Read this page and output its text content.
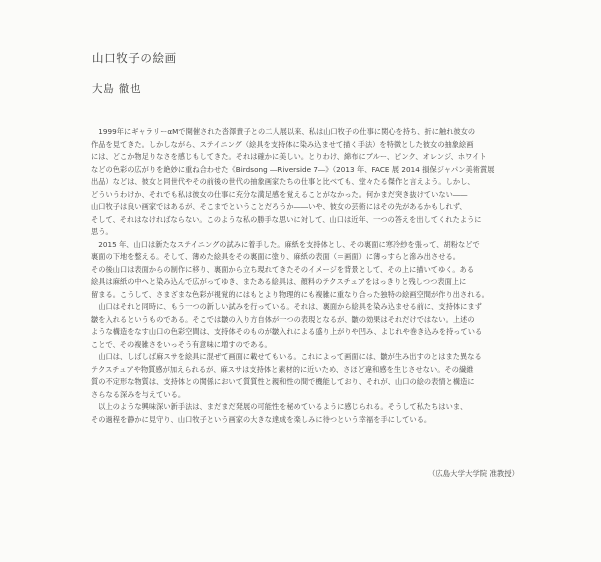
山口牧子の絵画
大島 徹也
　1999年にギャラリーαMで開催された沓澤貴子との二人展以来、私は山口牧子の仕事に関心を持ち、折に触れ彼女の
作品を見てきた。しかしながら、ステイニング（絵具を支持体に染み込ませて描く手法）を特徴とした彼女の抽象絵画
には、どこか物足りなさを感じもしてきた。それは確かに美しい。とりわけ、綿布にブルー、ピンク、オレンジ、ホワイト
などの色彩の広がりを絶妙に重ね合わせた《Birdsong ―Riverside 7―》（2013 年、FACE 展 2014 損保ジャパン美術賞展
出品）などは、彼女と同世代やその前後の世代の抽象画家たちの仕事と比べても、堂々たる傑作と言えよう。しかし、
どういうわけか、それでも私は彼女の仕事に充分な満足感を覚えることがなかった。何かまだ突き抜けていない――
山口牧子は良い画家ではあるが、そこまでということだろうか――いや、彼女の芸術にはその先があるかもしれず、
そして、それはなければならない。このような私の勝手な思いに対して、山口は近年、一つの答えを出してくれたように
思う。
　2015 年、山口は新たなステイニングの試みに着手した。麻紙を支持体とし、その裏面に寒冷紗を張って、胡粉などで
裏面の下地を整える。そして、薄めた絵具をその裏面に塗り、麻紙の表面（＝画面）に薄っすらと滲み出させる。
その後山口は表面からの制作に移り、裏面から立ち現れてきたそのイメージを背景として、その上に描いてゆく。ある
絵具は麻紙の中へと染み込んで広がってゆき、またある絵具は、顔料のテクスチュアをはっきりと残しつつ表面上に
留まる。こうして、さまざまな色彩が視覚的にはもとより物理的にも複雑に重なり合った独特の絵画空間が作り出される。
　山口はそれと同時に、もう一つの新しい試みを行っている。それは、裏面から絵具を染み込ませる前に、支持体にまず
皺を入れるというものである。そこでは皺の入り方自体が一つの表現となるが、皺の効果はそれだけではない。上述の
ような構造をなす山口の色彩空間は、支持体そのものが皺入れによる盛り上がりや凹み、よじれや巻き込みを持っている
ことで、その複雑さをいっそう有意味に増すのである。
　山口は、しばしば麻スサを絵具に混ぜて画面に載せてもいる。これによって画面には、皺が生み出すのとはまた異なる
テクスチュアや物質感が加えられるが、麻スサは支持体と素材的に近いため、さほど違和感を生じさせない。その繊維
質の不定形な物質は、支持体との関係において質質性と親和性の間で機能しており、それが、山口の絵の表情と構造に
さらなる深みを与えている。
　以上のような興味深い新手法は、まだまだ発展の可能性を秘めているように感じられる。そうして私たちはいま、
その過程を静かに見守り、山口牧子という画家の大きな達成を楽しみに待つという幸福を手にしている。
（広島大学大学院 准教授）
